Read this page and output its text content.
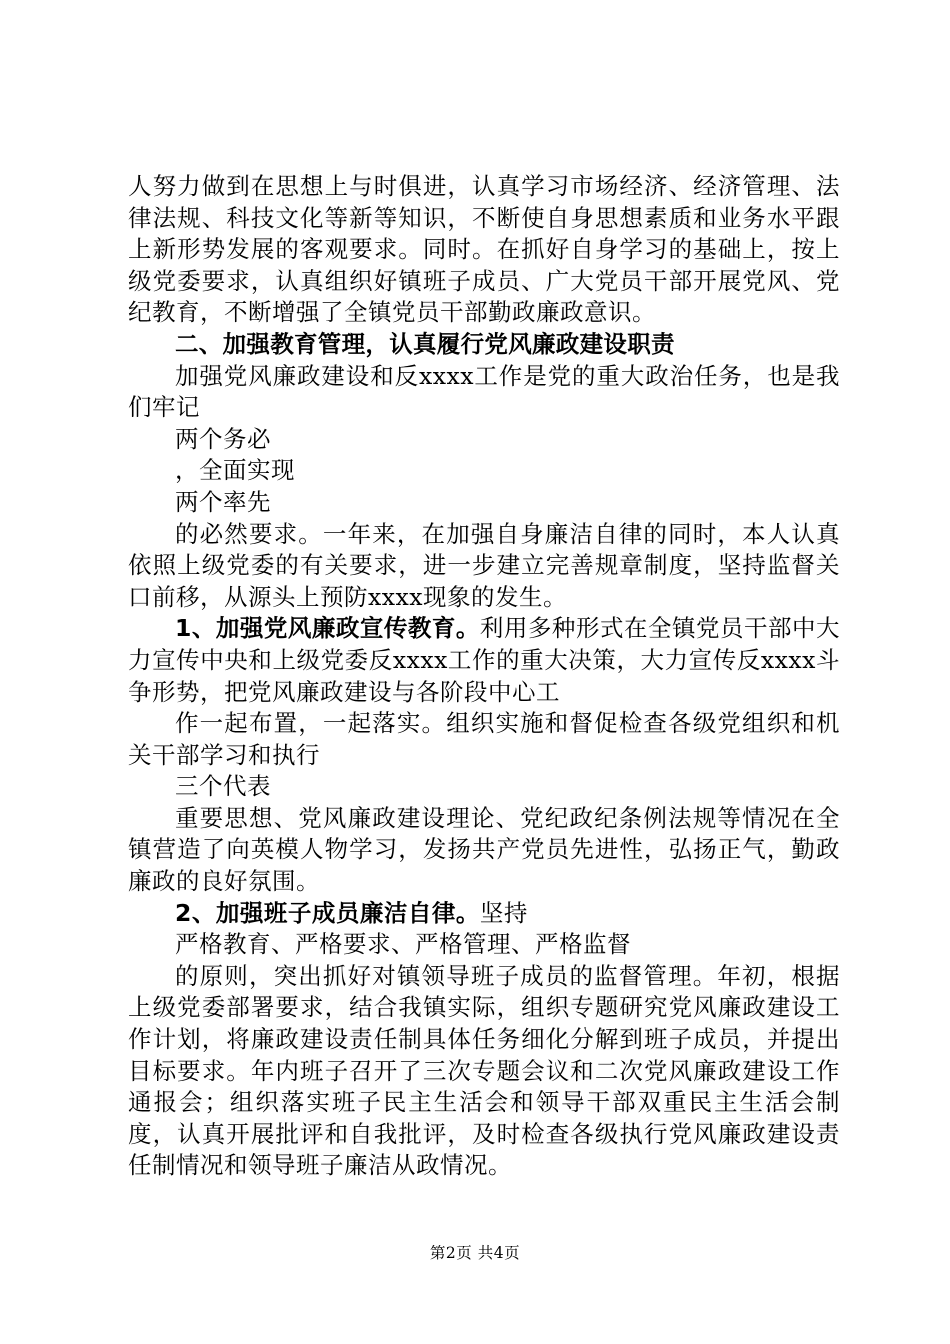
人努力做到在思想上与时俱进，认真学习市场经济、经济管理、法律法规、科技文化等新等知识，不断使自身思想素质和业务水平跟上新形势发展的客观要求。同时。在抓好自身学习的基础上，按上级党委要求，认真组织好镇班子成员、广大党员干部开展党风、党纪教育，不断增强了全镇党员干部勤政廉政意识。

二、加强教育管理，认真履行党风廉政建设职责

加强党风廉政建设和反xxxx工作是党的重大政治任务，也是我们牢记

两个务必

，全面实现

两个率先

的必然要求。一年来，在加强自身廉洁自律的同时，本人认真依照上级党委的有关要求，进一步建立完善规章制度，坚持监督关口前移，从源头上预防xxxx现象的发生。

1、加强党风廉政宣传教育。利用多种形式在全镇党员干部中大力宣传中央和上级党委反xxxx工作的重大决策，大力宣传反xxxx斗争形势，把党风廉政建设与各阶段中心工

作一起布置，一起落实。组织实施和督促检查各级党组织和机关干部学习和执行

三个代表

重要思想、党风廉政建设理论、党纪政纪条例法规等情况在全镇营造了向英模人物学习，发扬共产党员先进性，弘扬正气，勤政廉政的良好氛围。

2、加强班子成员廉洁自律。坚持

严格教育、严格要求、严格管理、严格监督

的原则，突出抓好对镇领导班子成员的监督管理。年初，根据上级党委部署要求，结合我镇实际，组织专题研究党风廉政建设工作计划，将廉政建设责任制具体任务细化分解到班子成员，并提出目标要求。年内班子召开了三次专题会议和二次党风廉政建设工作通报会；组织落实班子民主生活会和领导干部双重民主生活会制度，认真开展批评和自我批评，及时检查各级执行党风廉政建设责任制情况和领导班子廉洁从政情况。

第2页 共4页
